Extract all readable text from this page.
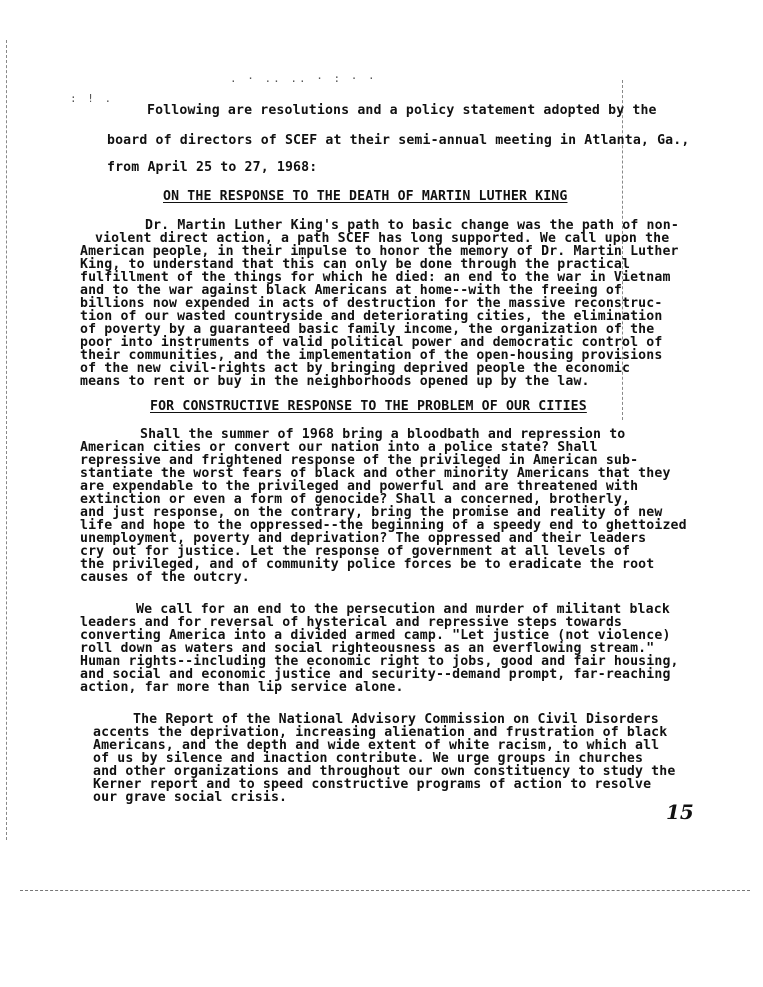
. · .. .. · : · ·
: ! .
Following are resolutions and a policy statement adopted by the
board of directors of SCEF at their semi-annual meeting in Atlanta, Ga.,
from April 25 to 27, 1968:
ON THE RESPONSE TO THE DEATH OF MARTIN LUTHER KING
Dr. Martin Luther King's path to basic change was the path of non-
violent direct action, a path SCEF has long supported. We call upon the
American people, in their impulse to honor the memory of Dr. Martin Luther
King, to understand that this can only be done through the practical
fulfillment of the things for which he died: an end to the war in Vietnam
and to the war against black Americans at home--with the freeing of
billions now expended in acts of destruction for the massive reconstruc-
tion of our wasted countryside and deteriorating cities, the elimination
of poverty by a guaranteed basic family income, the organization of the
poor into instruments of valid political power and democratic control of
their communities, and the implementation of the open-housing provisions
of the new civil-rights act by bringing deprived people the economic
means to rent or buy in the neighborhoods opened up by the law.
FOR CONSTRUCTIVE RESPONSE TO THE PROBLEM OF OUR CITIES
Shall the summer of 1968 bring a bloodbath and repression to
American cities or convert our nation into a police state? Shall
repressive and frightened response of the privileged in American sub-
stantiate the worst fears of black and other minority Americans that they
are expendable to the privileged and powerful and are threatened with
extinction or even a form of genocide? Shall a concerned, brotherly,
and just response, on the contrary, bring the promise and reality of new
life and hope to the oppressed--the beginning of a speedy end to ghettoized
unemployment, poverty and deprivation? The oppressed and their leaders
cry out for justice. Let the response of government at all levels of
the privileged, and of community police forces be to eradicate the root
causes of the outcry.
We call for an end to the persecution and murder of militant black
leaders and for reversal of hysterical and repressive steps towards
converting America into a divided armed camp. "Let justice (not violence)
roll down as waters and social righteousness as an everflowing stream."
Human rights--including the economic right to jobs, good and fair housing,
and social and economic justice and security--demand prompt, far-reaching
action, far more than lip service alone.
The Report of the National Advisory Commission on Civil Disorders
accents the deprivation, increasing alienation and frustration of black
Americans, and the depth and wide extent of white racism, to which all
of us by silence and inaction contribute. We urge groups in churches
and other organizations and throughout our own constituency to study the
Kerner report and to speed constructive programs of action to resolve
our grave social crisis.
15
